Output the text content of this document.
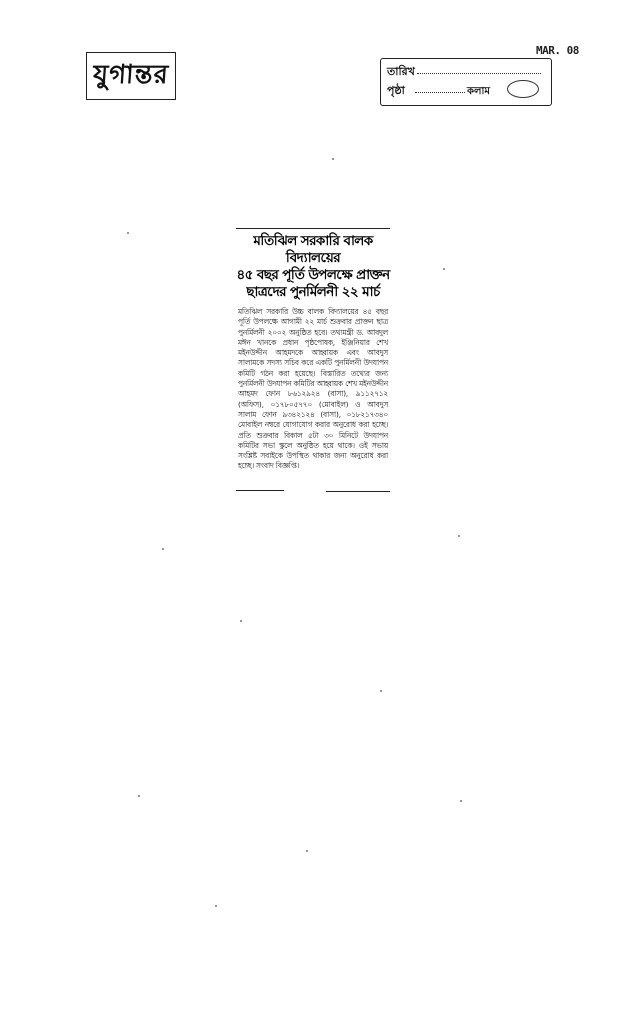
যুগান্তর
MAR. 08
তারিখ
পৃষ্ঠা	কলাম
মতিঝিল সরকারি বালক বিদ্যালয়ের
৪৫ বছর পূর্তি উপলক্ষে প্রাক্তন
ছাত্রদের পুনর্মিলনী ২২ মার্চ

মতিঝিল সরকারি উচ্চ বালক বিদ্যালয়ের ৪৫ বছর পূর্তি উপলক্ষে আগামী ২২ মার্চ শুক্রবার প্রাক্তন ছাত্র পুনর্মিলনী ২০০২ অনুষ্ঠিত হবে। তথ্যমন্ত্রী ড. আবদুল মঈন খানকে প্রধান পৃষ্ঠপোষক, ইঞ্জিনিয়ার শেখ মইনউদ্দীন আহমদকে আহ্বায়ক এবং আবদুস সালামকে সদস্য সচিব করে একটি পুনর্মিলনী উদযাপন কমিটি গঠন করা হয়েছে। বিস্তারিত তথ্যের জন্য পুনর্মিলনী উদযাপন কমিটির আহ্বায়ক শেখ মইনউদ্দীন আহমদ ফোন ৮৬১২৯২৪ (বাসা), ৯১১২৭১২ (অফিস), ০১৭৮০৫৭৭০ (মোবাইল) ও আবদুস সালাম ফোন ৯৩৪২১২৪ (বাসা), ০১৮২১৭৩৪০ মোবাইল নম্বরে যোগাযোগ করার অনুরোধ করা হচ্ছে। প্রতি শুক্রবার বিকাল ৫টা ৩০ মিনিটে উদযাপন কমিটির সভা স্কুলে অনুষ্ঠিত হয়ে থাকে। ওই সভায় সংশ্লিষ্ট সবাইকে উপস্থিত থাকার জন্য অনুরোধ করা হচ্ছে। সংবাদ বিজ্ঞপ্তি।
